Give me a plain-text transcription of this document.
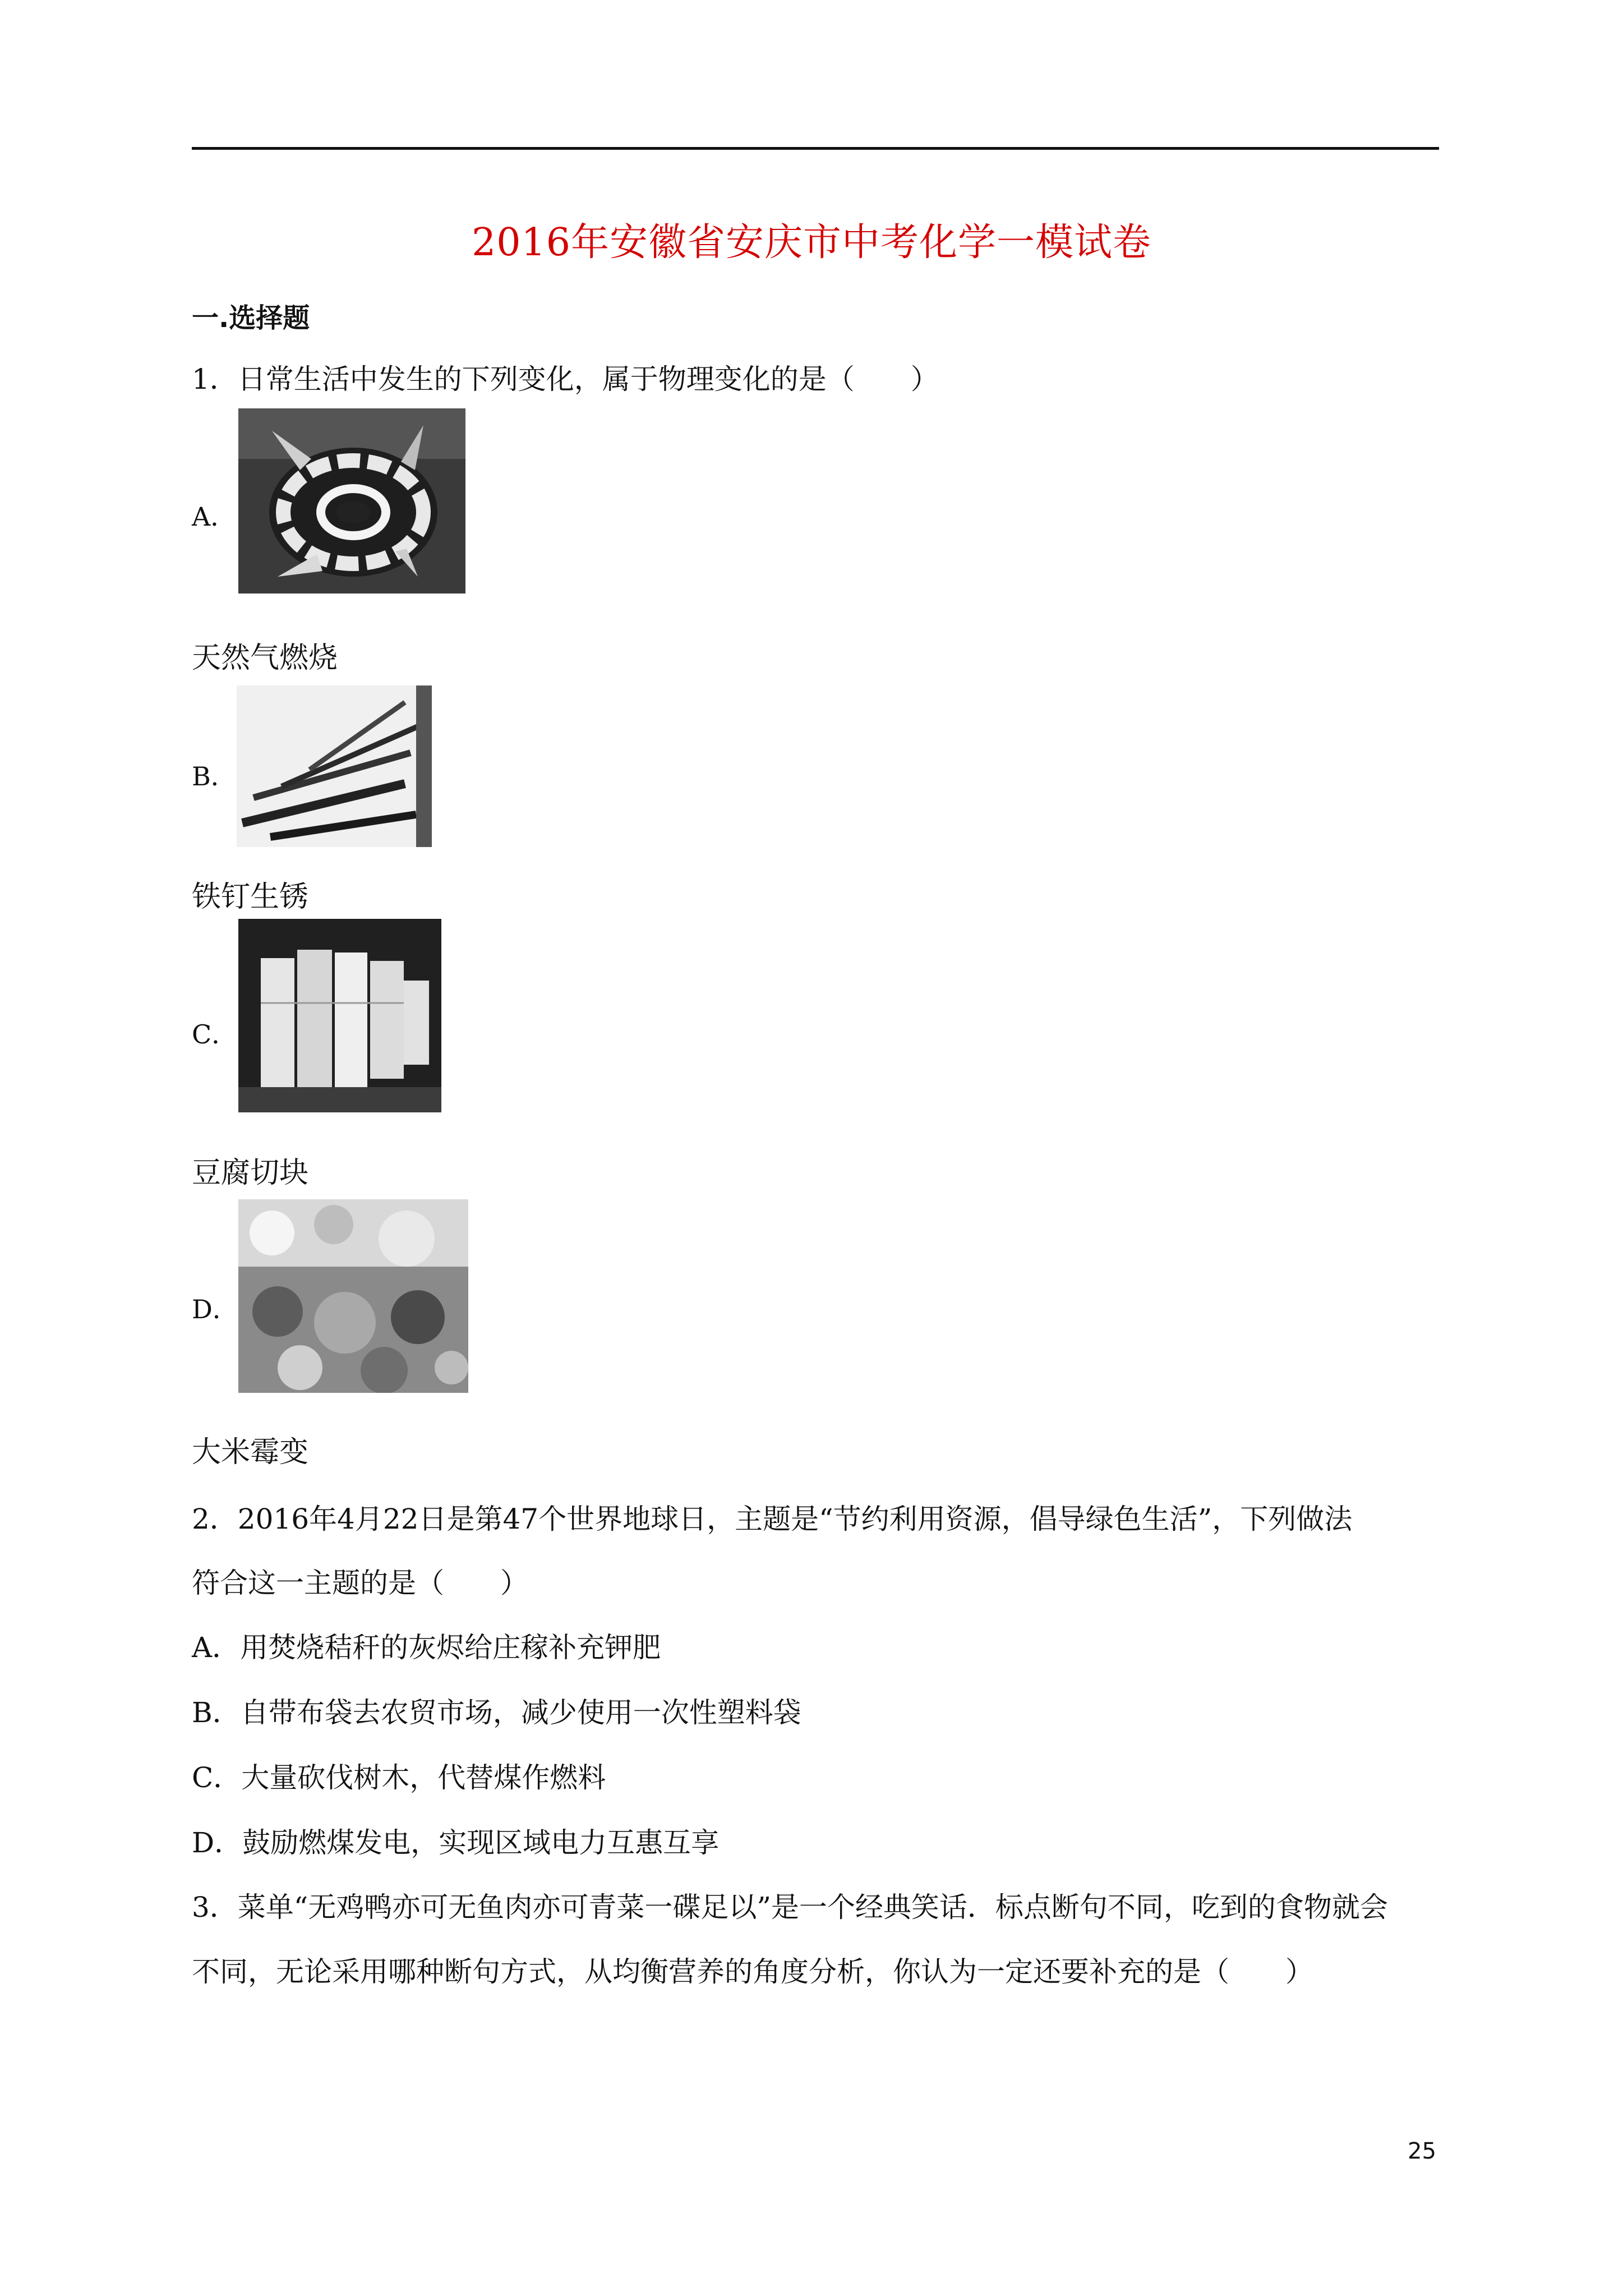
2016年安徽省安庆市中考化学一模试卷
一.选择题
1．日常生活中发生的下列变化，属于物理变化的是（　　）
A．
天然气燃烧
B．
铁钉生锈
C．
豆腐切块
D．
大米霉变
2．2016年4月22日是第47个世界地球日，主题是“节约利用资源，倡导绿色生活”，下列做法
符合这一主题的是（　　）
A．用焚烧秸秆的灰烬给庄稼补充钾肥
B．自带布袋去农贸市场，减少使用一次性塑料袋
C．大量砍伐树木，代替煤作燃料
D．鼓励燃煤发电，实现区域电力互惠互享
3．菜单“无鸡鸭亦可无鱼肉亦可青菜一碟足以”是一个经典笑话．标点断句不同，吃到的食物就会
不同，无论采用哪种断句方式，从均衡营养的角度分析，你认为一定还要补充的是（　　）
25
